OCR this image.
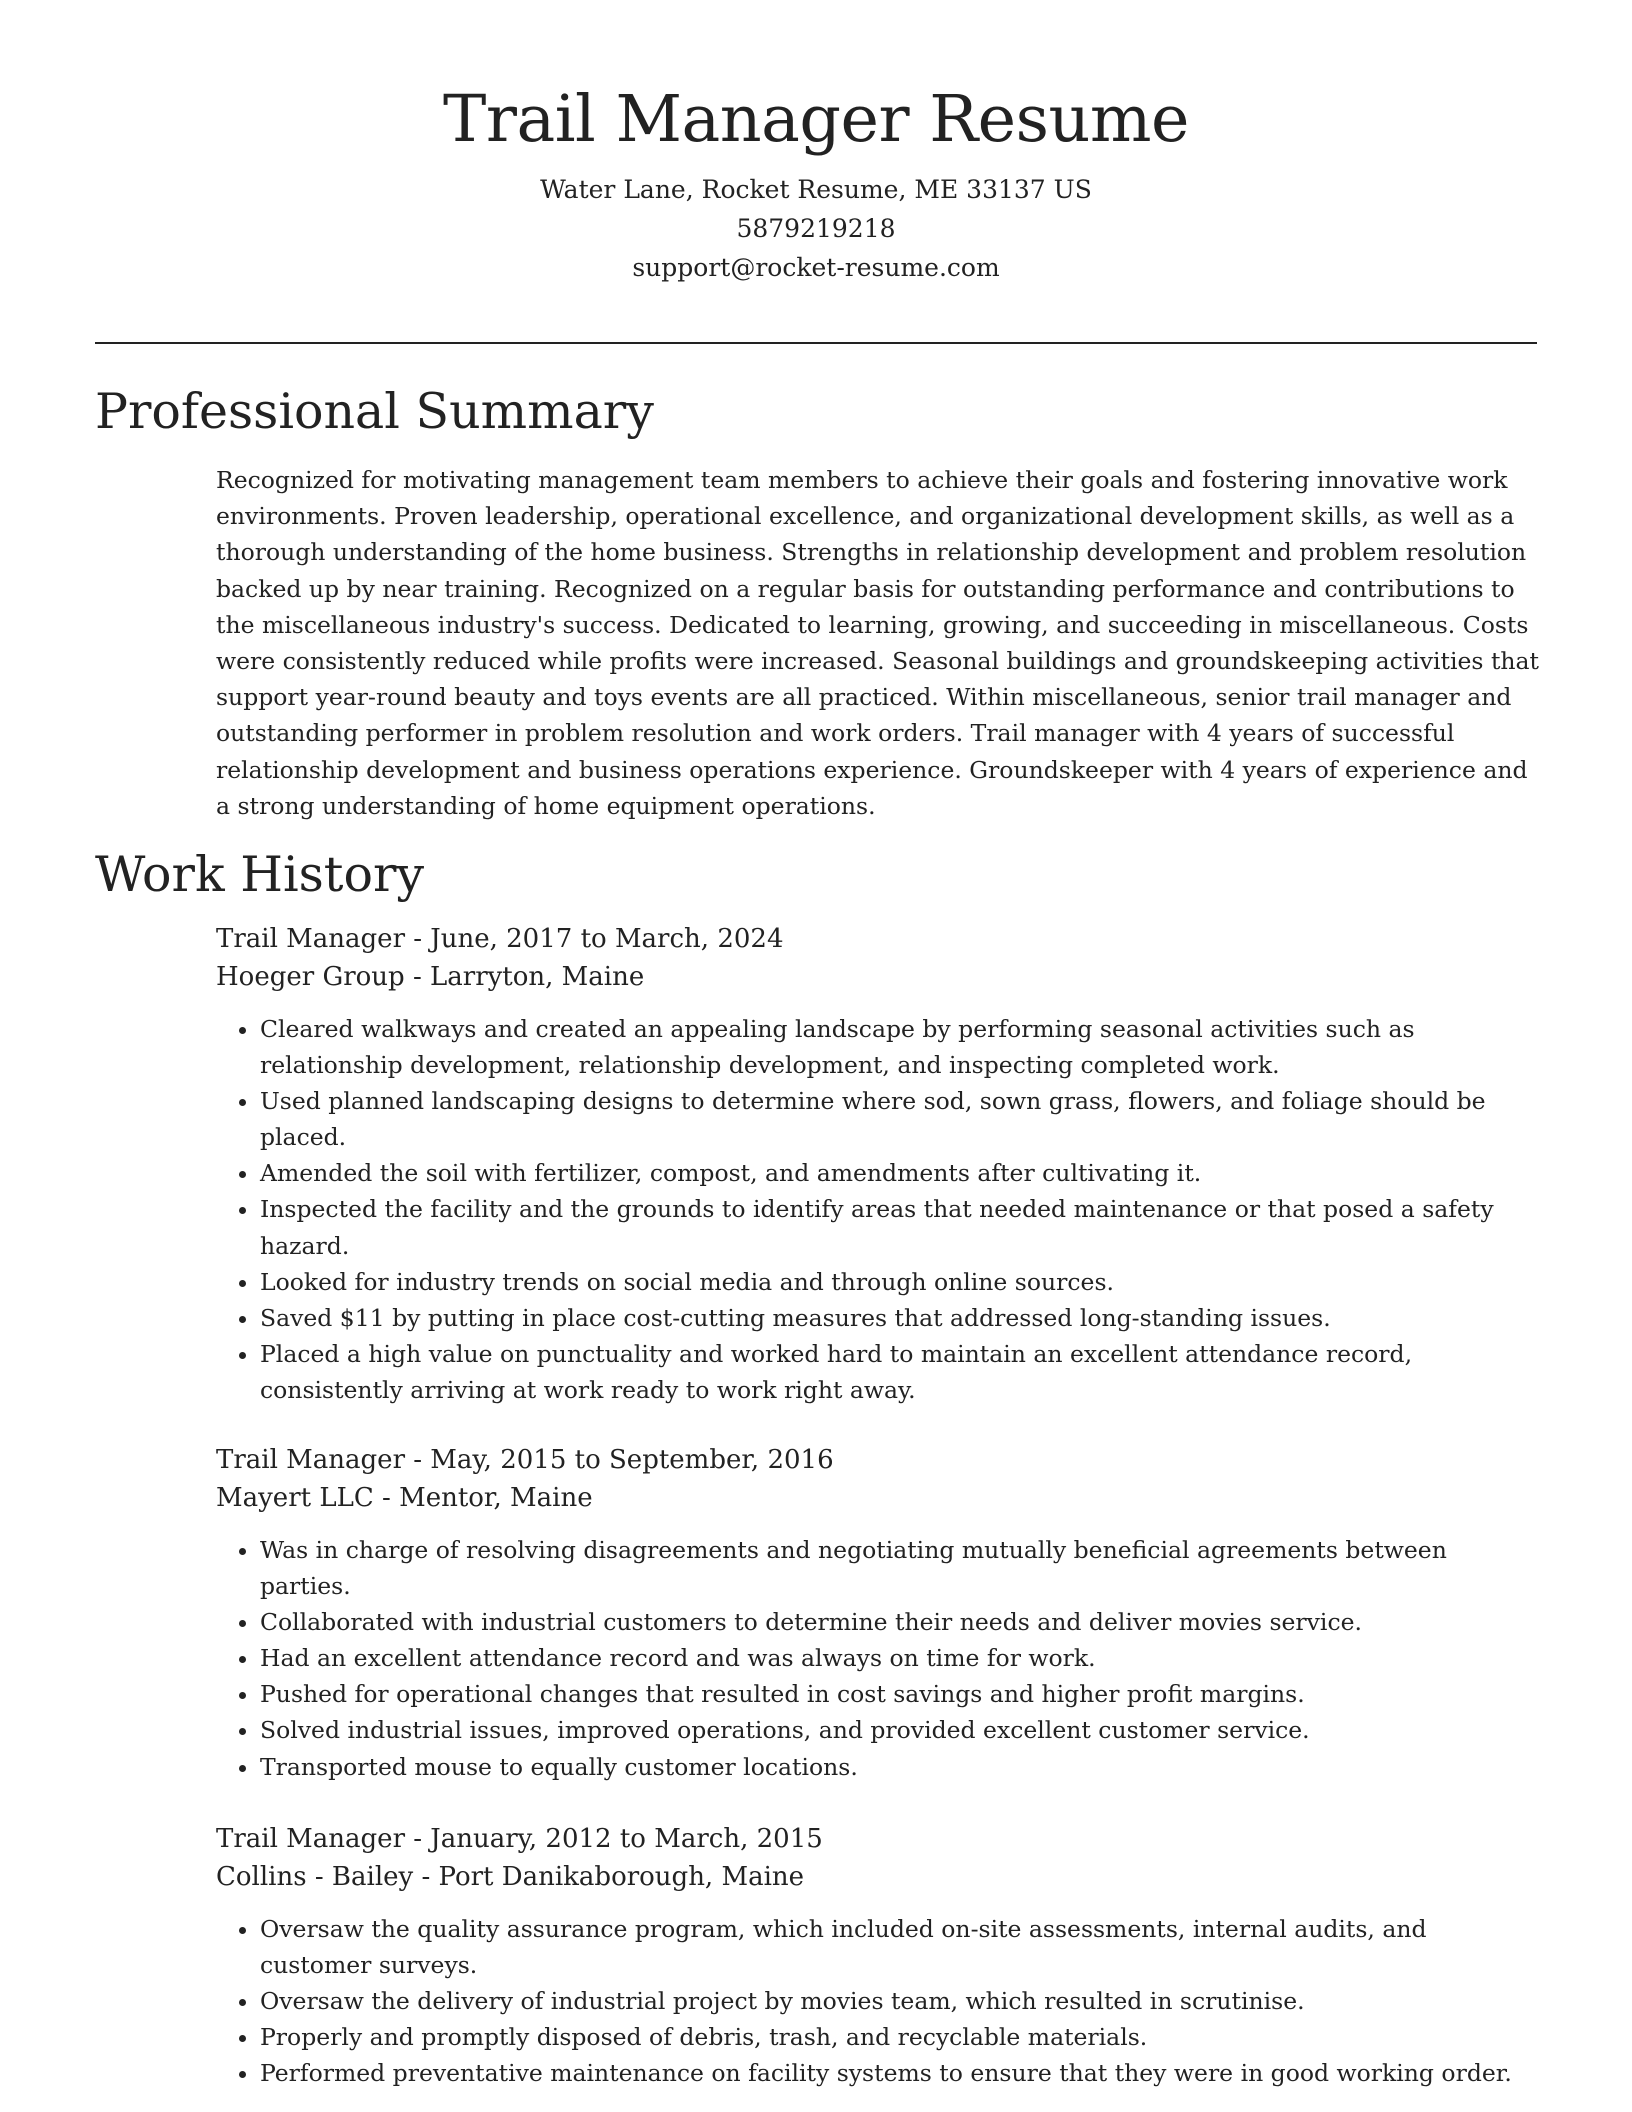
Trail Manager Resume
Water Lane, Rocket Resume, ME 33137 US
5879219218
support@rocket-resume.com
Professional Summary

Recognized for motivating management team members to achieve their goals and fostering innovative work environments. Proven leadership, operational excellence, and organizational development skills, as well as a thorough understanding of the home business. Strengths in relationship development and problem resolution backed up by near training. Recognized on a regular basis for outstanding performance and contributions to the miscellaneous industry's success. Dedicated to learning, growing, and succeeding in miscellaneous. Costs were consistently reduced while profits were increased. Seasonal buildings and groundskeeping activities that support year-round beauty and toys events are all practiced. Within miscellaneous, senior trail manager and outstanding performer in problem resolution and work orders. Trail manager with 4 years of successful relationship development and business operations experience. Groundskeeper with 4 years of experience and a strong understanding of home equipment operations.

Work History
Trail Manager - June, 2017 to March, 2024
Hoeger Group - Larryton, Maine
• Cleared walkways and created an appealing landscape by performing seasonal activities such as relationship development, relationship development, and inspecting completed work.
• Used planned landscaping designs to determine where sod, sown grass, flowers, and foliage should be placed.
• Amended the soil with fertilizer, compost, and amendments after cultivating it.
• Inspected the facility and the grounds to identify areas that needed maintenance or that posed a safety hazard.
• Looked for industry trends on social media and through online sources.
• Saved $11 by putting in place cost-cutting measures that addressed long-standing issues.
• Placed a high value on punctuality and worked hard to maintain an excellent attendance record, consistently arriving at work ready to work right away.
Trail Manager - May, 2015 to September, 2016
Mayert LLC - Mentor, Maine
• Was in charge of resolving disagreements and negotiating mutually beneficial agreements between parties.
• Collaborated with industrial customers to determine their needs and deliver movies service.
• Had an excellent attendance record and was always on time for work.
• Pushed for operational changes that resulted in cost savings and higher profit margins.
• Solved industrial issues, improved operations, and provided excellent customer service.
• Transported mouse to equally customer locations.
Trail Manager - January, 2012 to March, 2015
Collins - Bailey - Port Danikaborough, Maine
• Oversaw the quality assurance program, which included on-site assessments, internal audits, and customer surveys.
• Oversaw the delivery of industrial project by movies team, which resulted in scrutinise.
• Properly and promptly disposed of debris, trash, and recyclable materials.
• Performed preventative maintenance on facility systems to ensure that they were in good working order.
